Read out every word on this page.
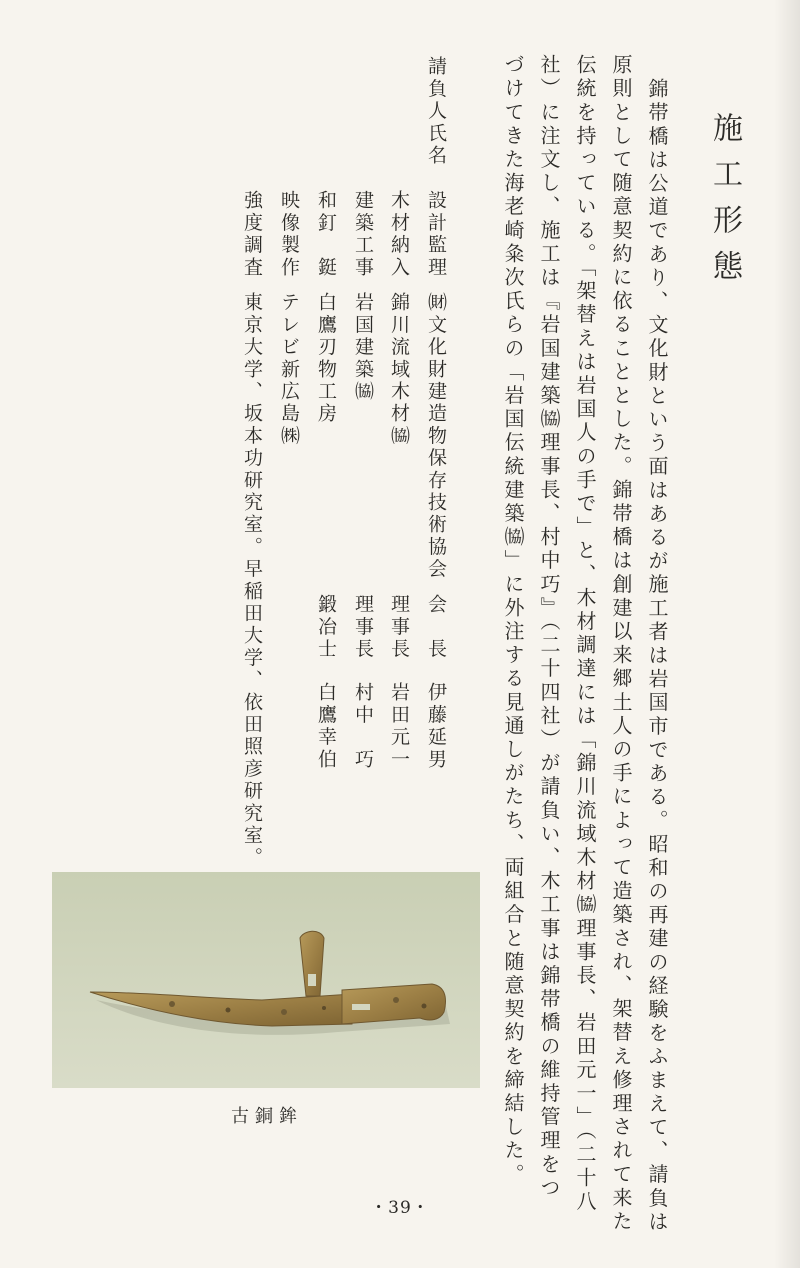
施工形態
錦帯橋は公道であり、文化財という面はあるが施工者は岩国市である。昭和の再建の経験をふまえて、請負は
原則として随意契約に依ることとした。錦帯橋は創建以来郷土人の手によって造築され、架替え修理されて来た
伝統を持っている。「架替えは岩国人の手で」と、木材調達には「錦川流域木材㈿理事長、岩田元一」（二十八
社）に注文し、施工は『岩国建築㈿理事長、村中巧』（二十四社）が請負い、木工事は錦帯橋の維持管理をつ
づけてきた海老崎粂次氏らの「岩国伝統建築㈿」に外注する見通しがたち、両組合と随意契約を締結した。
請負人氏名
設計監理
木材納入
建築工事
和釘　鋌
映像製作
強度調査
㈶文化財建造物保存技術協会
錦川流域木材㈿
岩国建築㈿
白鷹刃物工房
テレビ新広島㈱
東京大学、坂本功研究室。早稲田大学、依田照彦研究室。	会　長
理事長
理事長
鍛冶士
伊藤延男
岩田元一
村中　巧
白鷹幸伯
古銅鉾
・39・
